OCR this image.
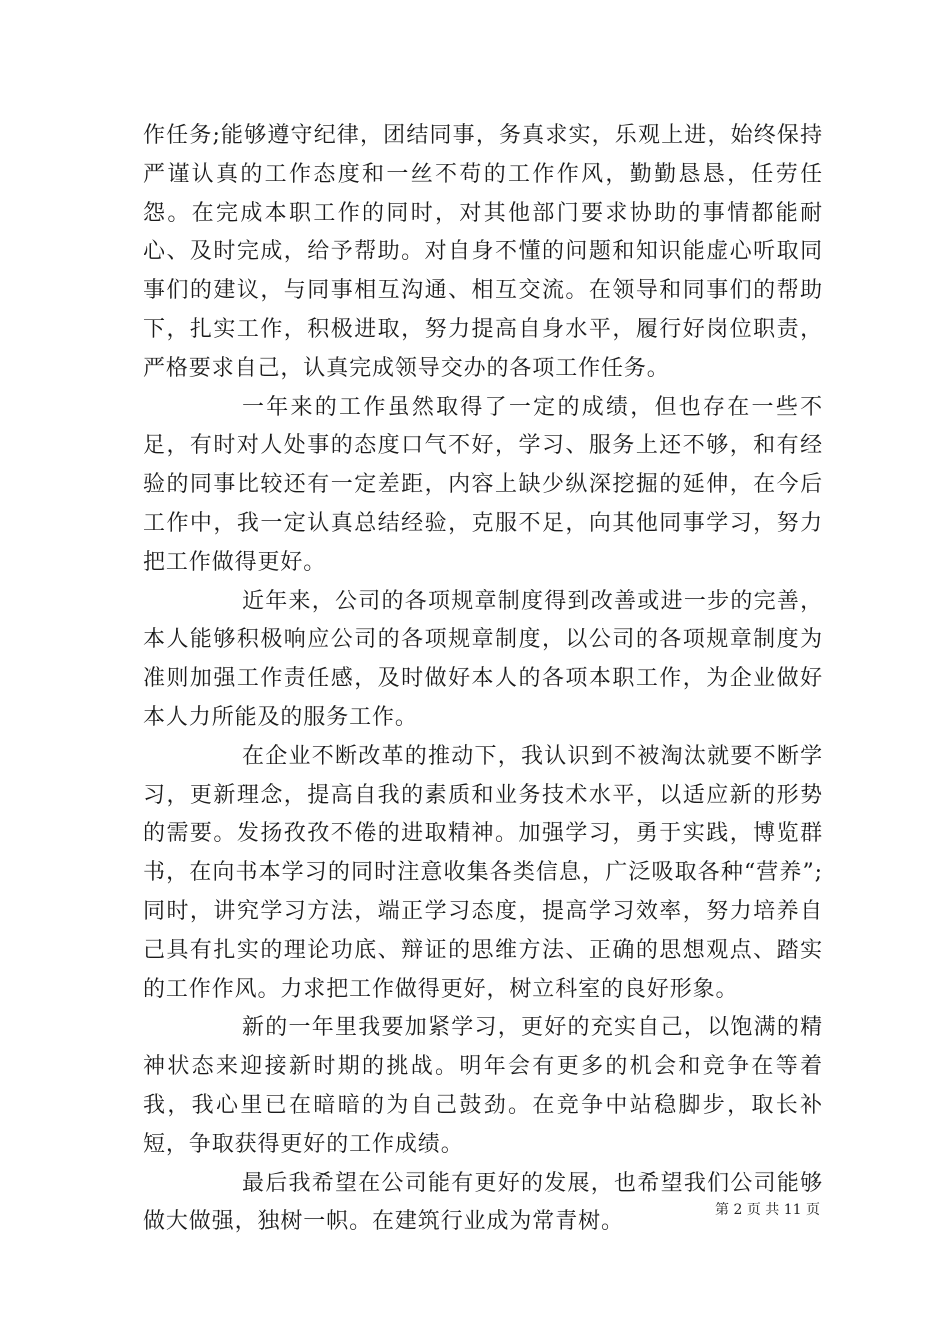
作任务;能够遵守纪律，团结同事，务真求实，乐观上进，始终保持严谨认真的工作态度和一丝不苟的工作作风，勤勤恳恳，任劳任怨。在完成本职工作的同时，对其他部门要求协助的事情都能耐心、及时完成，给予帮助。对自身不懂的问题和知识能虚心听取同事们的建议，与同事相互沟通、相互交流。在领导和同事们的帮助下，扎实工作，积极进取，努力提高自身水平，履行好岗位职责，严格要求自己，认真完成领导交办的各项工作任务。

一年来的工作虽然取得了一定的成绩，但也存在一些不足，有时对人处事的态度口气不好，学习、服务上还不够，和有经验的同事比较还有一定差距，内容上缺少纵深挖掘的延伸，在今后工作中，我一定认真总结经验，克服不足，向其他同事学习，努力把工作做得更好。

近年来，公司的各项规章制度得到改善或进一步的完善，本人能够积极响应公司的各项规章制度，以公司的各项规章制度为准则加强工作责任感，及时做好本人的各项本职工作，为企业做好本人力所能及的服务工作。

在企业不断改革的推动下，我认识到不被淘汰就要不断学习，更新理念，提高自我的素质和业务技术水平，以适应新的形势的需要。发扬孜孜不倦的进取精神。加强学习，勇于实践，博览群书，在向书本学习的同时注意收集各类信息，广泛吸取各种“营养”;同时，讲究学习方法，端正学习态度，提高学习效率，努力培养自己具有扎实的理论功底、辩证的思维方法、正确的思想观点、踏实的工作作风。力求把工作做得更好，树立科室的良好形象。

新的一年里我要加紧学习，更好的充实自己，以饱满的精神状态来迎接新时期的挑战。明年会有更多的机会和竞争在等着我，我心里已在暗暗的为自己鼓劲。在竞争中站稳脚步，取长补短，争取获得更好的工作成绩。

最后我希望在公司能有更好的发展，也希望我们公司能够做大做强，独树一帜。在建筑行业成为常青树。	第 2 页 共 11 页
